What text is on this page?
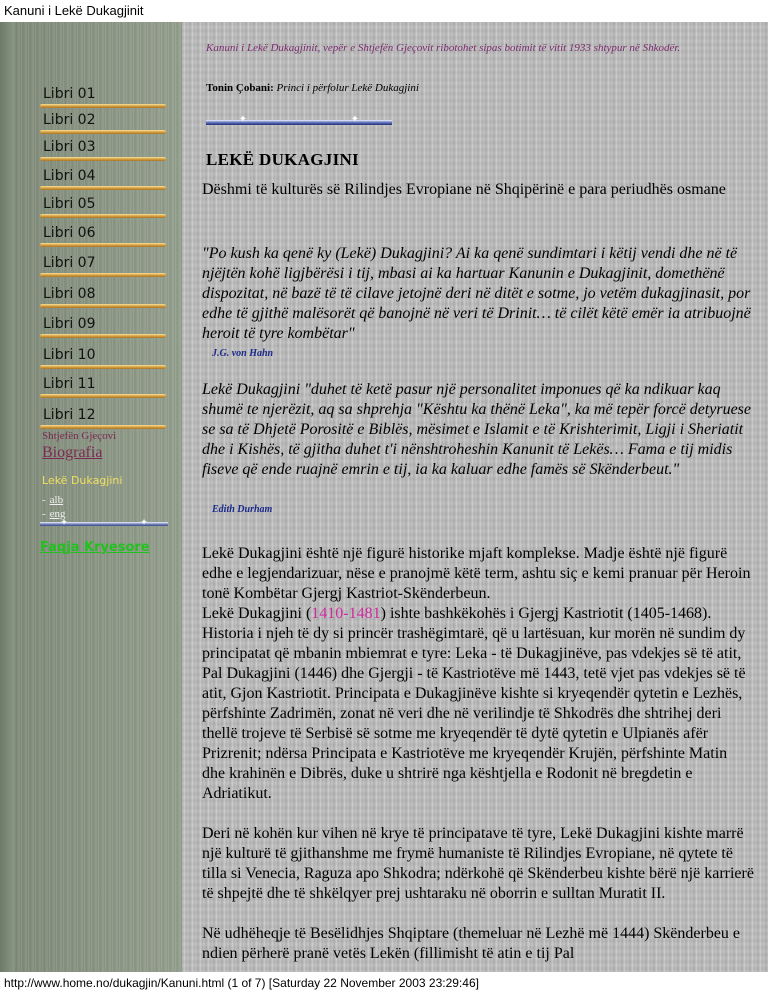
Kanuni i Lekë Dukagjinit
Libri 01
Libri 02
Libri 03
Libri 04
Libri 05
Libri 06
Libri 07
Libri 08
Libri 09
Libri 10
Libri 11
Libri 12
Shtjefën Gjeçovi
Biografia
Lekë Dukagjini
- alb
- eng
✦	✦
Faqja Kryesore
Kanuni i Lekë Dukagjinit, vepër e Shtjefën Gjeçovit ribotohet sipas botimit të vitit 1933 shtypur në Shkodër.
Tonin Çobani: Princi i përfolur Lekë Dukagjini
✦	✦
LEKË DUKAGJINI
Dëshmi të kulturës së Rilindjes Evropiane në Shqipërinë e para periudhës osmane
"Po kush ka qenë ky (Lekë) Dukagjini? Ai ka qenë sundimtari i këtij vendi dhe në të njëjtën kohë ligjbërësi i tij, mbasi ai ka hartuar Kanunin e Dukagjinit, domethënë dispozitat, në bazë të të cilave jetojnë deri në ditët e sotme, jo vetëm dukagjinasit, por edhe të gjithë malësorët që banojnë në veri të Drinit… të cilët këtë emër ia atribuojnë heroit të tyre kombëtar"
J.G. von Hahn
Lekë Dukagjini "duhet të ketë pasur një personalitet imponues që ka ndikuar kaq shumë te njerëzit, aq sa shprehja "Kështu ka thënë Leka", ka më tepër forcë detyruese se sa të Dhjetë Porositë e Biblës, mësimet e Islamit e të Krishterimit, Ligji i Sheriatit dhe i Kishës, të gjitha duhet t'i nënshtroheshin Kanunit të Lekës… Fama e tij midis fiseve që ende ruajnë emrin e tij, ia ka kaluar edhe famës së Skënderbeut."
Edith Durham
Lekë Dukagjini është një figurë historike mjaft komplekse. Madje është një figurë edhe e legjendarizuar, nëse e pranojmë këtë term, ashtu siç e kemi pranuar për Heroin tonë Kombëtar Gjergj Kastriot-Skënderbeun.
Lekë Dukagjini (1410-1481) ishte bashkëkohës i Gjergj Kastriotit (1405-1468). Historia i njeh të dy si princër trashëgimtarë, që u lartësuan, kur morën në sundim dy principatat që mbanin mbiemrat e tyre: Leka - të Dukagjinëve, pas vdekjes së të atit, Pal Dukagjini (1446) dhe Gjergji - të Kastriotëve më 1443, tetë vjet pas vdekjes së të atit, Gjon Kastriotit. Principata e Dukagjinëve kishte si kryeqendër qytetin e Lezhës, përfshinte Zadrimën, zonat në veri dhe në verilindje të Shkodrës dhe shtrihej deri thellë trojeve të Serbisë së sotme me kryeqendër të dytë qytetin e Ulpianës afër Prizrenit; ndërsa Principata e Kastriotëve me kryeqendër Krujën, përfshinte Matin dhe krahinën e Dibrës, duke u shtrirë nga kështjella e Rodonit në bregdetin e Adriatikut.
Deri në kohën kur vihen në krye të principatave të tyre, Lekë Dukagjini kishte marrë një kulturë të gjithanshme me frymë humaniste të Rilindjes Evropiane, në qytete të tilla si Venecia, Raguza apo Shkodra; ndërkohë që Skënderbeu kishte bërë një karrierë të shpejtë dhe të shkëlqyer prej ushtaraku në oborrin e sulltan Muratit II.
Në udhëheqje të Besëlidhjes Shqiptare (themeluar në Lezhë më 1444) Skënderbeu e ndien përherë pranë vetës Lekën (fillimisht të atin e tij Pal
http://www.home.no/dukagjin/Kanuni.html (1 of 7) [Saturday 22 November 2003 23:29:46]
